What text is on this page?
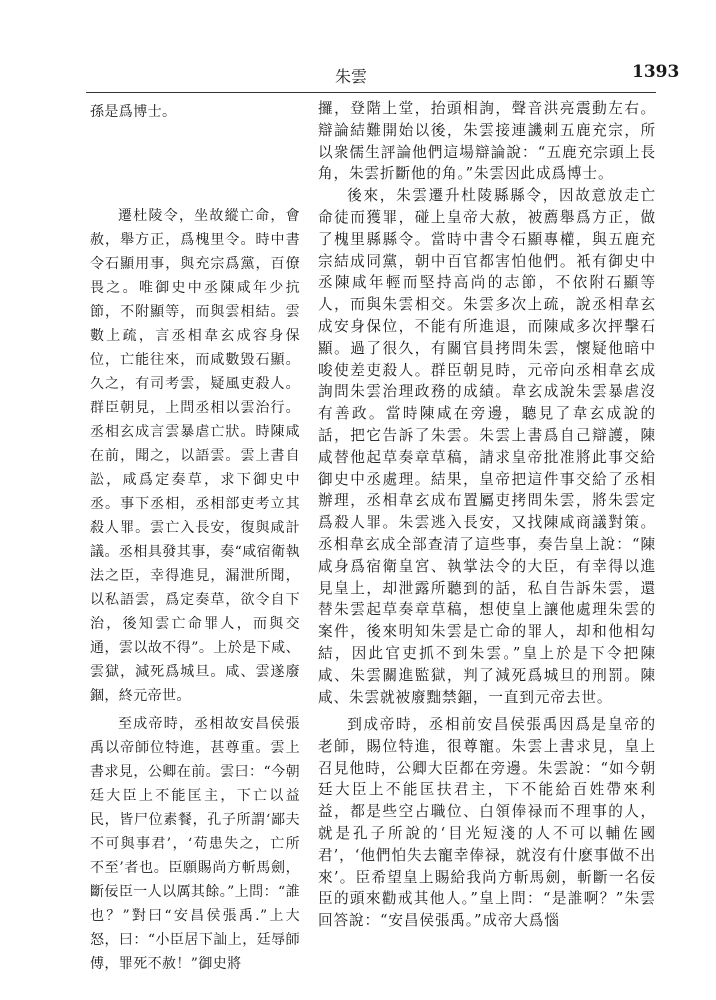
朱雲	1393

孫是爲博士。

遷杜陵令，坐故縱亡命，會赦，舉方正，爲槐里令。時中書令石顯用事，與充宗爲黨，百僚畏之。唯御史中丞陳咸年少抗節，不附顯等，而與雲相結。雲數上疏，言丞相韋玄成容身保位，亡能往來，而咸數毀石顯。久之，有司考雲，疑風吏殺人。群臣朝見，上問丞相以雲治行。丞相玄成言雲暴虐亡狀。時陳咸在前，聞之，以語雲。雲上書自訟，咸爲定奏草，求下御史中丞。事下丞相，丞相部吏考立其殺人罪。雲亡入長安，復與咸計議。丞相具發其事，奏“咸宿衛執法之臣，幸得進見，漏泄所聞，以私語雲，爲定奏草，欲令自下治，後知雲亡命罪人，而與交通，雲以故不得”。上於是下咸、雲獄，減死爲城旦。咸、雲遂廢錮，終元帝世。

至成帝時，丞相故安昌侯張禹以帝師位特進，甚尊重。雲上書求見，公卿在前。雲曰：“今朝廷大臣上不能匡主，下亡以益民，皆尸位素餐，孔子所謂‘鄙夫不可與事君’，‘苟患失之，亡所不至’者也。臣願賜尚方斬馬劍，斷佞臣一人以厲其餘。”上問：“誰也？”對曰“安昌侯張禹.”上大怒，曰：“小臣居下訕上，廷辱師傅，罪死不赦！”御史將

攞，登階上堂，抬頭相詢，聲音洪亮震動左右。辯論結難開始以後，朱雲接連譏刺五鹿充宗，所以衆儒生評論他們這場辯論說：“五鹿充宗頭上長角，朱雲折斷他的角。”朱雲因此成爲博士。

後來，朱雲遷升杜陵縣縣令，因故意放走亡命徒而獲罪，碰上皇帝大赦，被薦舉爲方正，做了槐里縣縣令。當時中書令石顯專權，與五鹿充宗結成同黨，朝中百官都害怕他們。衹有御史中丞陳咸年輕而堅持高尚的志節，不依附石顯等人，而與朱雲相交。朱雲多次上疏，說丞相韋玄成安身保位，不能有所進退，而陳咸多次抨擊石顯。過了很久，有關官員拷問朱雲，懷疑他暗中唆使差吏殺人。群臣朝見時，元帝向丞相韋玄成詢問朱雲治理政務的成績。韋玄成說朱雲暴虐沒有善政。當時陳咸在旁邊，聽見了韋玄成說的話，把它告訴了朱雲。朱雲上書爲自己辯護，陳咸替他起草奏章草稿，請求皇帝批准將此事交給御史中丞處理。結果，皇帝把這件事交給了丞相辦理，丞相韋玄成布置屬吏拷問朱雲，將朱雲定爲殺人罪。朱雲逃入長安，又找陳咸商議對策。丞相韋玄成全部查清了這些事，奏告皇上說：“陳咸身爲宿衛皇宮、執掌法令的大臣，有幸得以進見皇上，却泄露所聽到的話，私自告訴朱雲，還替朱雲起草奏章草稿，想使皇上讓他處理朱雲的案件，後來明知朱雲是亡命的罪人，却和他相勾結，因此官吏抓不到朱雲。”皇上於是下令把陳咸、朱雲關進監獄，判了減死爲城旦的刑罰。陳咸、朱雲就被廢黜禁錮，一直到元帝去世。

到成帝時，丞相前安昌侯張禹因爲是皇帝的老師，賜位特進，很尊寵。朱雲上書求見，皇上召見他時，公卿大臣都在旁邊。朱雲說：“如今朝廷大臣上不能匡扶君主，下不能給百姓帶來利益，都是些空占職位、白領俸禄而不理事的人，就是孔子所說的‘目光短淺的人不可以輔佐國君’，‘他們怕失去寵幸俸禄，就沒有什麽事做不出來’。臣希望皇上賜給我尚方斬馬劍，斬斷一名佞臣的頭來勸戒其他人。”皇上問：“是誰啊？”朱雲回答說：“安昌侯張禹。”成帝大爲惱
